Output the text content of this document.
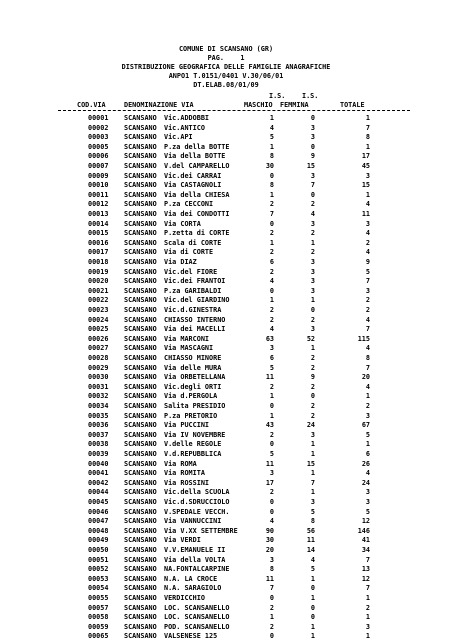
COMUNE DI SCANSANO (GR)
PAG.    1
DISTRIBUZIONE GEOGRAFICA DELLE FAMIGLIE ANAGRAFICHE
ANPO1 T.0151/0401 V.30/06/01
DT.ELAB.08/01/09
I.S. I.S.
COD.VIA	DENOMINAZIONE VIA	MASCHIO FEMMINA	TOTALE
00001 SCANSANO Vic.ADDOBBI	1	0	1
00002 SCANSANO Vic.ANTICO	4	3	7
00003 SCANSANO Vic.API	5	3	8
00005 SCANSANO P.za della BOTTE	1	0	1
00006 SCANSANO Via della BOTTE	8	9	17
00007 SCANSANO V.del CAMPARELLO	30	15	45
00009 SCANSANO Vic.dei CARRAI	0	3	3
00010 SCANSANO Via CASTAGNOLI	8	7	15
00011 SCANSANO Via della CHIESA	1	0	1
00012 SCANSANO P.za CECCONI	2	2	4
00013 SCANSANO Via dei CONDOTTI	7	4	11
00014 SCANSANO Via CORTA	0	3	3
00015 SCANSANO P.zetta di CORTE	2	2	4
00016 SCANSANO Scala di CORTE	1	1	2
00017 SCANSANO Via di CORTE	2	2	4
00018 SCANSANO Via DIAZ	6	3	9
00019 SCANSANO Vic.del FIORE	2	3	5
00020 SCANSANO Vic.dei FRANTOI	4	3	7
00021 SCANSANO P.za GARIBALDI	0	3	3
00022 SCANSANO Vic.del GIARDINO	1	1	2
00023 SCANSANO Vic.d.GINESTRA	2	0	2
00024 SCANSANO CHIASSO INTERNO	2	2	4
00025 SCANSANO Via dei MACELLI	4	3	7
00026 SCANSANO Via MARCONI	63	52	115
00027 SCANSANO Via MASCAGNI	3	1	4
00028 SCANSANO CHIASSO MINORE	6	2	8
00029 SCANSANO Via delle MURA	5	2	7
00030 SCANSANO Via ORBETELLANA	11	9	20
00031 SCANSANO Vic.degli ORTI	2	2	4
00032 SCANSANO Via d.PERGOLA	1	0	1
00034 SCANSANO Salita PRESIDIO	0	2	2
00035 SCANSANO P.za PRETORIO	1	2	3
00036 SCANSANO Via PUCCINI	43	24	67
00037 SCANSANO Via IV NOVEMBRE	2	3	5
00038 SCANSANO V.delle REGOLE	0	1	1
00039 SCANSANO V.d.REPUBBLICA	5	1	6
00040 SCANSANO Via ROMA	11	15	26
00041 SCANSANO Via ROMITA	3	1	4
00042 SCANSANO Via ROSSINI	17	7	24
00044 SCANSANO Vic.della SCUOLA	2	1	3
00045 SCANSANO Vic.d.SDRUCCIOLO	0	3	3
00046 SCANSANO V.SPEDALE VECCH.	0	5	5
00047 SCANSANO Via VANNUCCINI	4	8	12
00048 SCANSANO Via V.XX SETTEMBRE	90	56	146
00049 SCANSANO Via VERDI	30	11	41
00050 SCANSANO V.V.EMANUELE II	20	14	34
00051 SCANSANO Via della VOLTA	3	4	7
00052 SCANSANO NA.FONTALCARPINE	8	5	13
00053 SCANSANO N.A. LA CROCE	11	1	12
00054 SCANSANO N.A. SARAGIOLO	7	0	7
00055 SCANSANO VERDICCHIO	0	1	1
00057 SCANSANO LOC. SCANSANELLO	2	0	2
00058 SCANSANO LOC. SCANSANELLO	1	0	1
00059 SCANSANO POD. SCANSANELLO	2	1	3
00065 SCANSANO VALSENESE 125	0	1	1
